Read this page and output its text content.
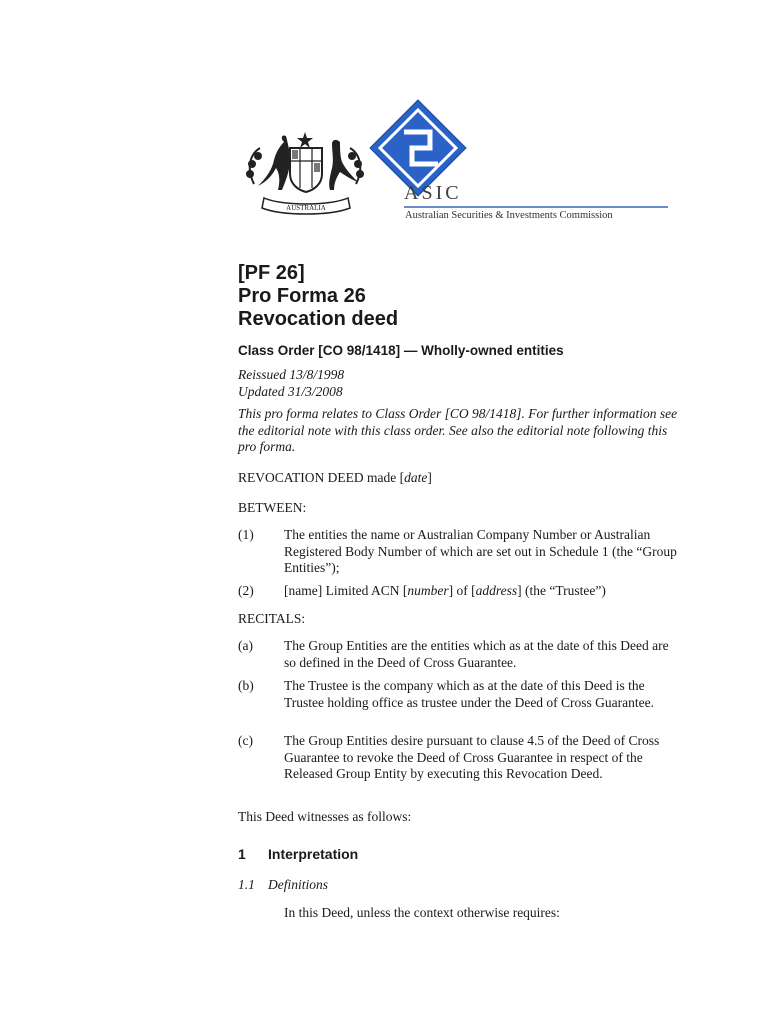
AUSTRALIA
ASIC
Australian Securities & Investments Commission
[PF 26]
Pro Forma 26
Revocation deed
Class Order [CO 98/1418] — Wholly-owned entities
Reissued 13/8/1998
Updated 31/3/2008
This pro forma relates to Class Order [CO 98/1418]. For further information see the editorial note with this class order. See also the editorial note following this pro forma.
REVOCATION DEED made [date]
BETWEEN:
(1) The entities the name or Australian Company Number or Australian Registered Body Number of which are set out in Schedule 1 (the “Group Entities”);
(2) [name] Limited ACN [number] of [address] (the “Trustee”)
RECITALS:
(a) The Group Entities are the entities which as at the date of this Deed are so defined in the Deed of Cross Guarantee.
(b) The Trustee is the company which as at the date of this Deed is the Trustee holding office as trustee under the Deed of Cross Guarantee.
(c) The Group Entities desire pursuant to clause 4.5 of the Deed of Cross Guarantee to revoke the Deed of Cross Guarantee in respect of the Released Group Entity by executing this Revocation Deed.
This Deed witnesses as follows:
1 Interpretation
1.1 Definitions
In this Deed, unless the context otherwise requires:
